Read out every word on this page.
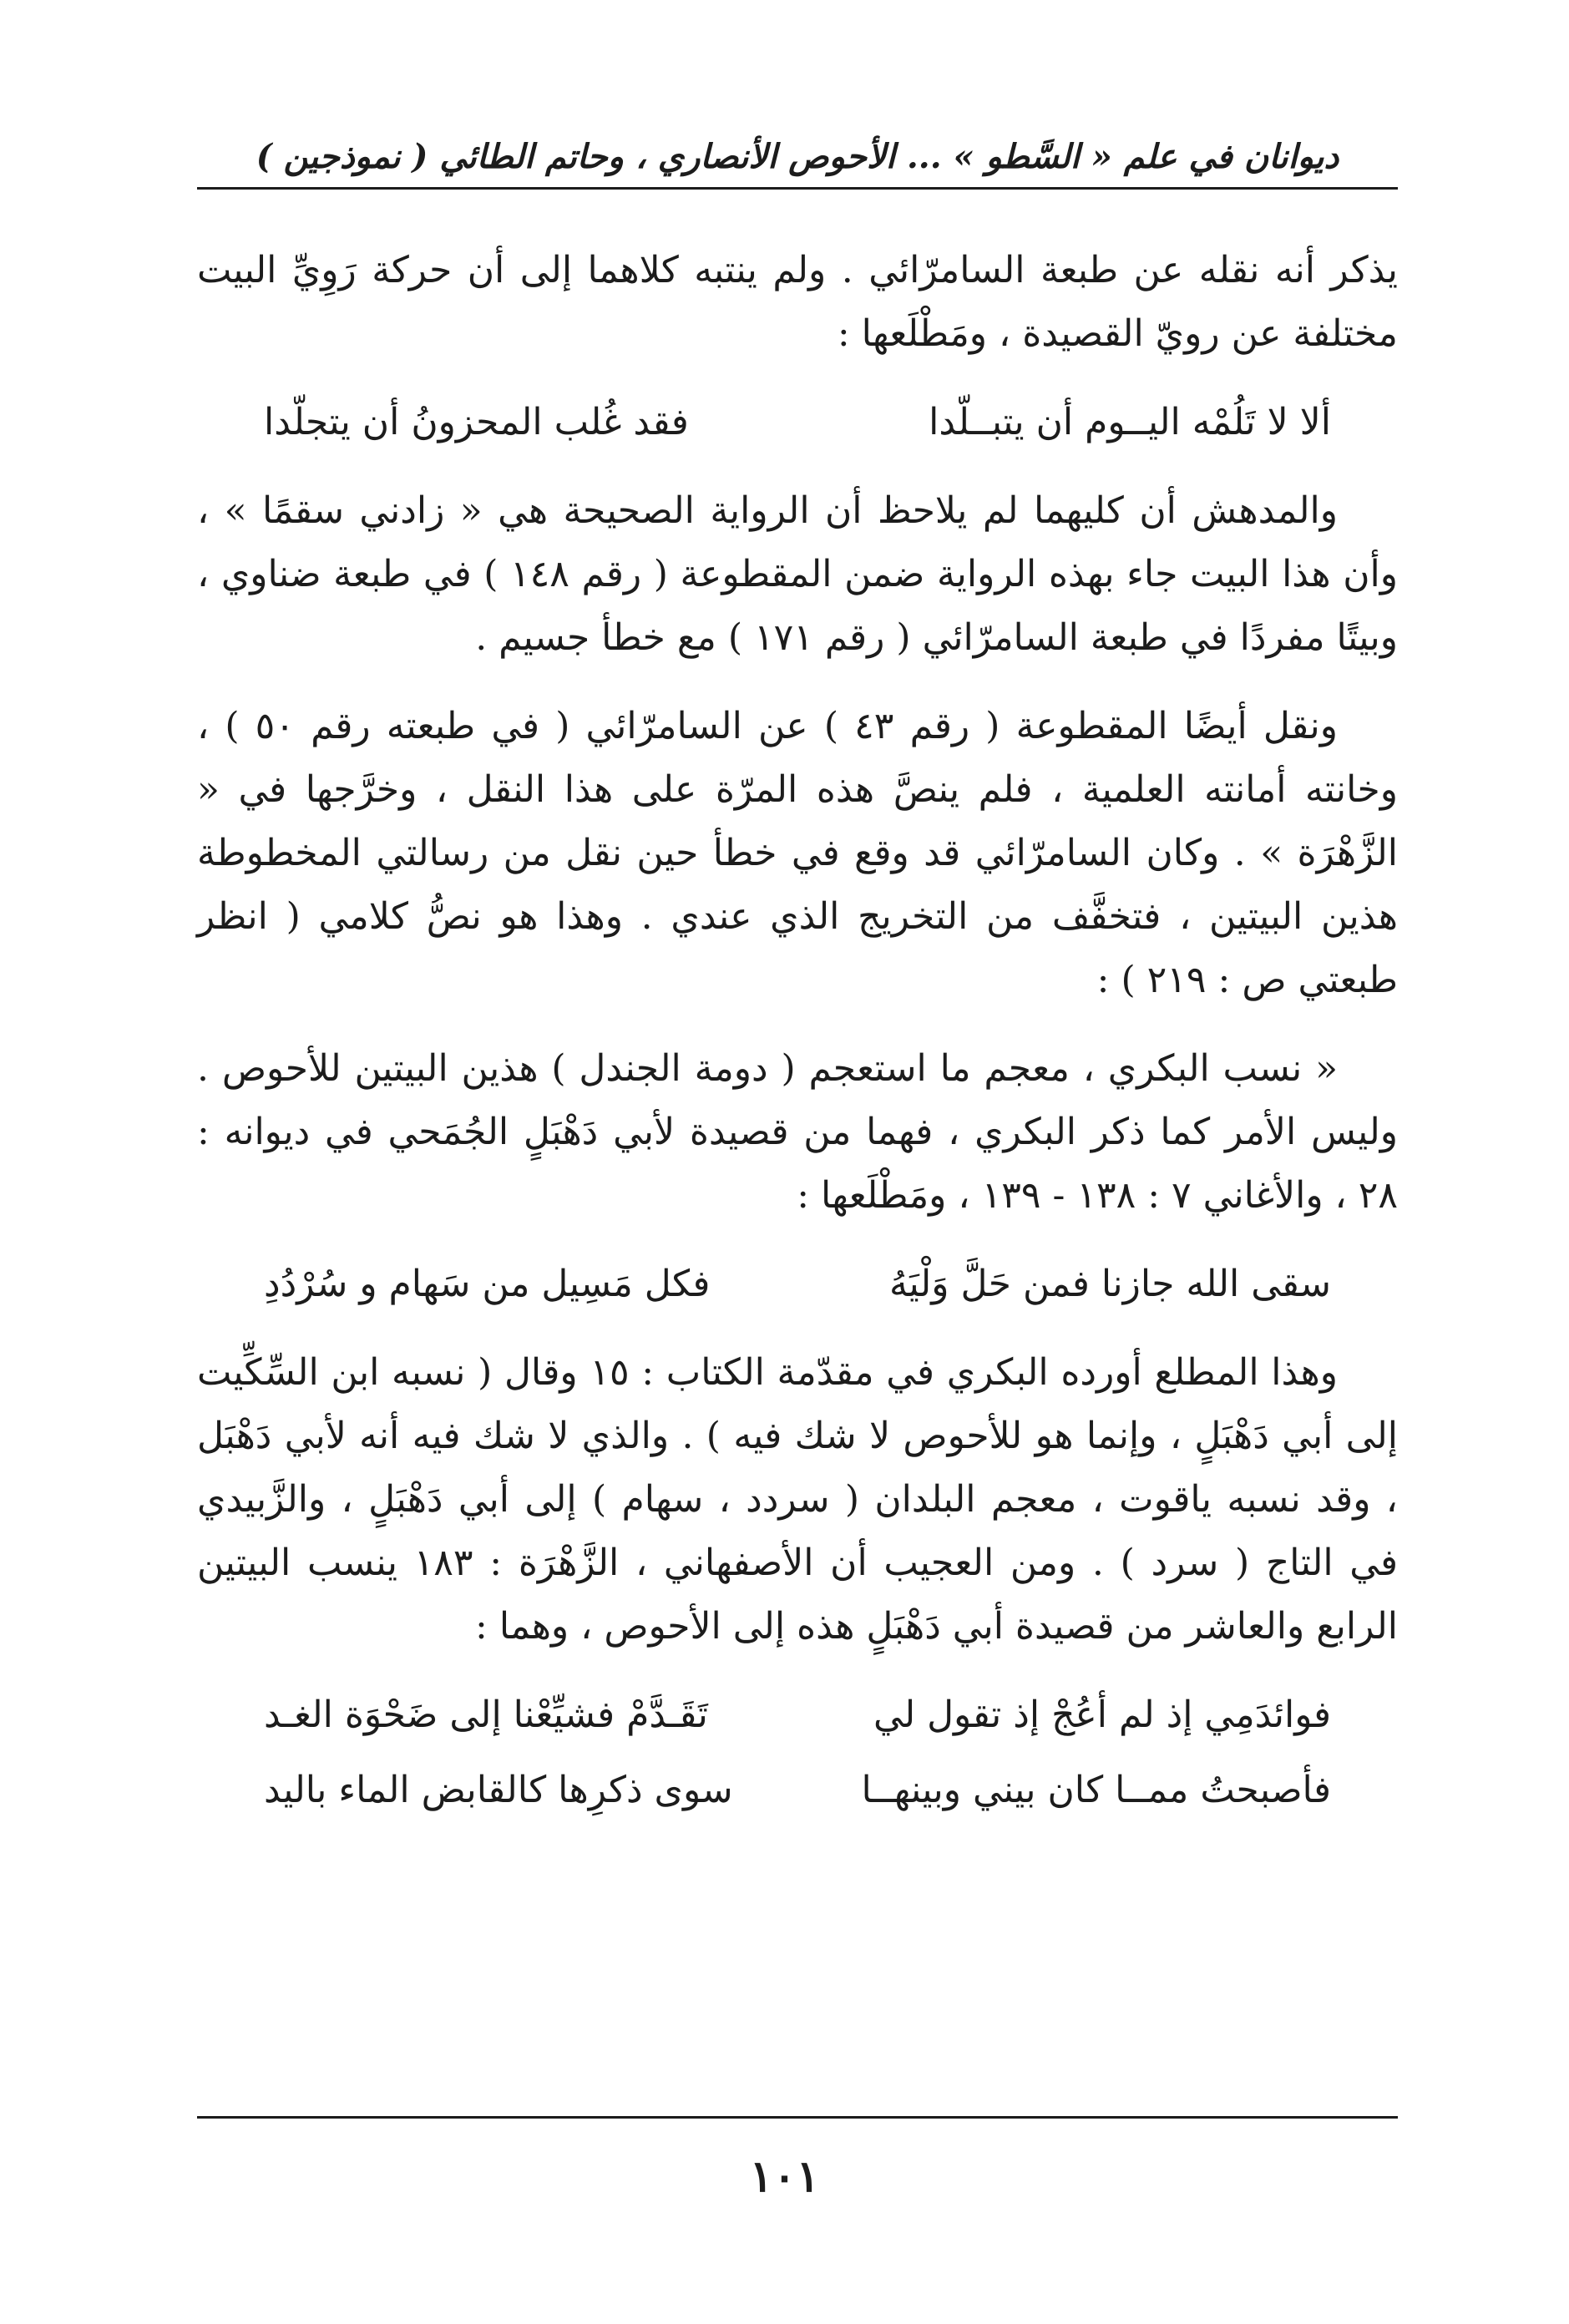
ديوانان في علم « السَّطو » ... الأحوص الأنصاري ، وحاتم الطائي ( نموذجين )

يذكر أنه نقله عن طبعة السامرّائي . ولم ينتبه كلاهما إلى أن حركة رَوِيِّ البيت مختلفة عن رويّ القصيدة ، ومَطْلَعها :

ألا لا تَلُمْه اليــوم أن يتبــلّدا
فقد غُلب المحزونُ أن يتجلّدا

والمدهش أن كليهما لم يلاحظ أن الرواية الصحيحة هي « زادني سقمًا » ، وأن هذا البيت جاء بهذه الرواية ضمن المقطوعة ( رقم ١٤٨ ) في طبعة ضناوي ، وبيتًا مفردًا في طبعة السامرّائي ( رقم ١٧١ ) مع خطأ جسيم .

ونقل أيضًا المقطوعة ( رقم ٤٣ ) عن السامرّائي ( في طبعته رقم ٥٠ ) ، وخانته أمانته العلمية ، فلم ينصَّ هذه المرّة على هذا النقل ، وخرَّجها في « الزَّهْرَة » . وكان السامرّائي قد وقع في خطأ حين نقل من رسالتي المخطوطة هذين البيتين ، فتخفَّف من التخريج الذي عندي . وهذا هو نصُّ كلامي ( انظر طبعتي ص : ٢١٩ ) :

« نسب البكري ، معجم ما استعجم ( دومة الجندل ) هذين البيتين للأحوص . وليس الأمر كما ذكر البكري ، فهما من قصيدة لأبي دَهْبَلٍ الجُمَحي في ديوانه : ٢٨ ، والأغاني ٧ : ١٣٨ - ١٣٩ ، ومَطْلَعها :

سقى الله جازنا فمن حَلَّ وَلْيَهُ
فكل مَسِيل من سَهام و سُرْدُدِ

وهذا المطلع أورده البكري في مقدّمة الكتاب : ١٥ وقال ( نسبه ابن السِّكِّيت إلى أبي دَهْبَلٍ ، وإنما هو للأحوص لا شك فيه ) . والذي لا شك فيه أنه لأبي دَهْبَل ، وقد نسبه ياقوت ، معجم البلدان ( سردد ، سهام ) إلى أبي دَهْبَلٍ ، والزَّبيدي في التاج ( سرد ) . ومن العجيب أن الأصفهاني ، الزَّهْرَة : ١٨٣ ينسب البيتين الرابع والعاشر من قصيدة أبي دَهْبَلٍ هذه إلى الأحوص ، وهما :

فوائدَمِي إذ لم أعُجْ إذ تقول لي
تَقَـدَّمْ فشيِّعْنا إلى ضَحْوَة الغـد
فأصبحتُ ممــا كان بيني وبينهــا
سوى ذكرِها كالقابض الماء باليد
١٠١
